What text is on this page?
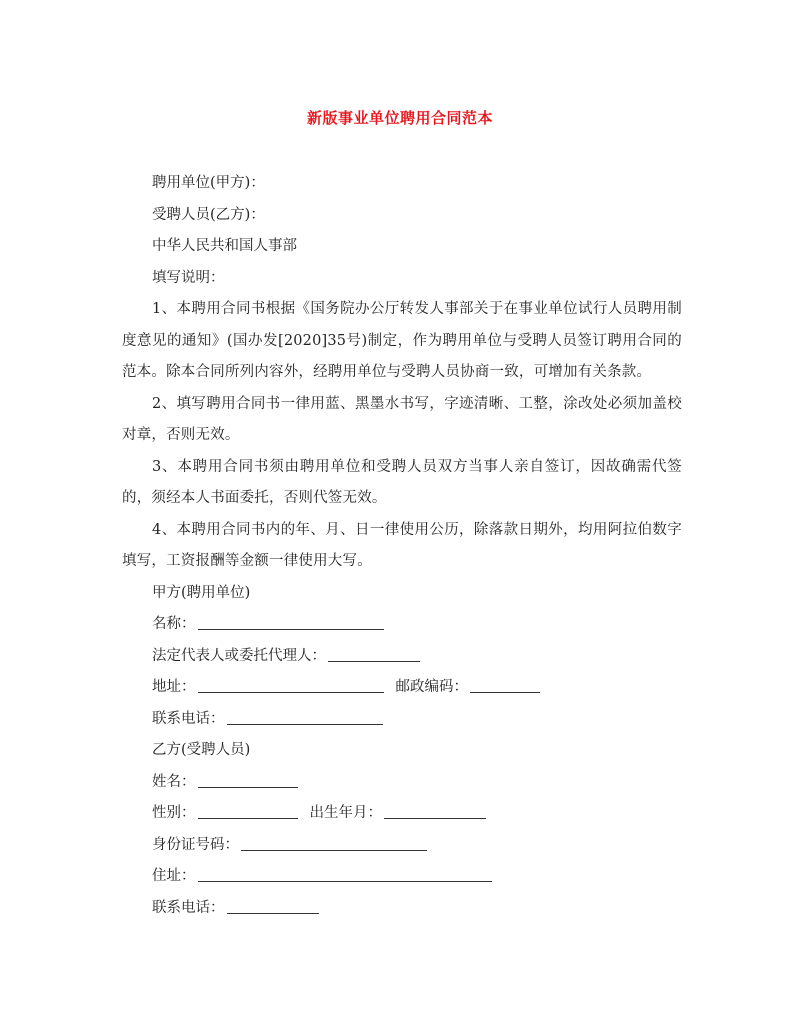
新版事业单位聘用合同范本
聘用单位(甲方)：
受聘人员(乙方)：
中华人民共和国人事部
填写说明：
1、本聘用合同书根据《国务院办公厅转发人事部关于在事业单位试行人员聘用制度意见的通知》(国办发[2020]35号)制定，作为聘用单位与受聘人员签订聘用合同的范本。除本合同所列内容外，经聘用单位与受聘人员协商一致，可增加有关条款。
2、填写聘用合同书一律用蓝、黑墨水书写，字迹清晰、工整，涂改处必须加盖校对章，否则无效。
3、本聘用合同书须由聘用单位和受聘人员双方当事人亲自签订，因故确需代签的，须经本人书面委托，否则代签无效。
4、本聘用合同书内的年、月、日一律使用公历，除落款日期外，均用阿拉伯数字填写，工资报酬等金额一律使用大写。
甲方(聘用单位)
名称：
法定代表人或委托代理人：
地址：	邮政编码：
联系电话：
乙方(受聘人员)
姓名：
性别：	出生年月：
身份证号码：
住址：
联系电话：
